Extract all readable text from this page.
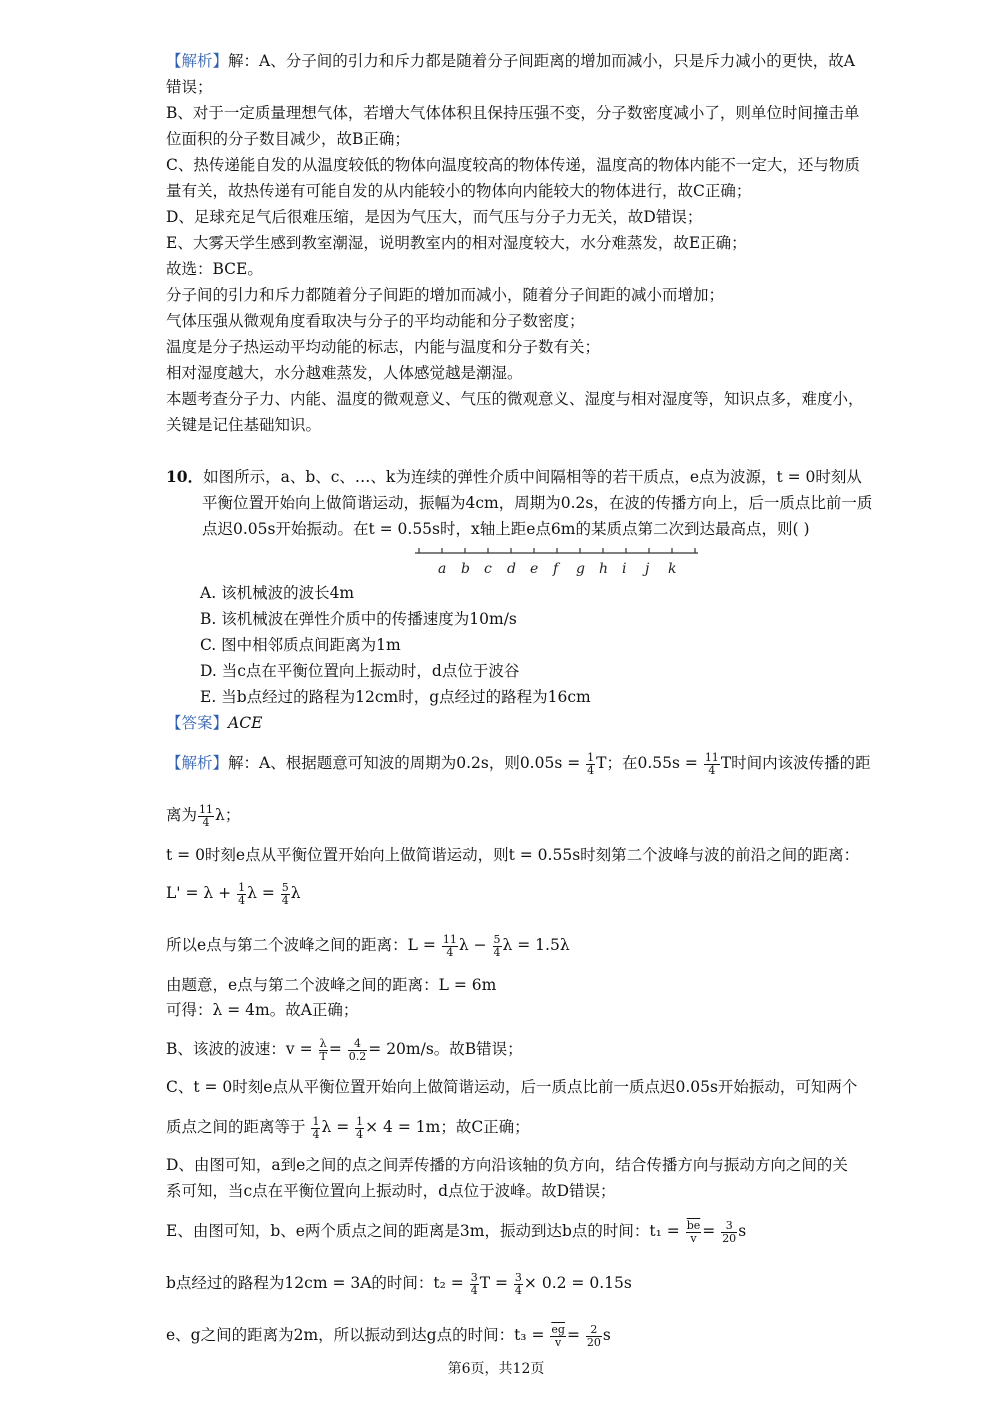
【解析】解：A、分子间的引力和斥力都是随着分子间距离的增加而减小，只是斥力减小的更快，故A
错误；
B、对于一定质量理想气体，若增大气体体积且保持压强不变，分子数密度减小了，则单位时间撞击单
位面积的分子数目减少，故B正确；
C、热传递能自发的从温度较低的物体向温度较高的物体传递，温度高的物体内能不一定大，还与物质
量有关，故热传递有可能自发的从内能较小的物体向内能较大的物体进行，故C正确；
D、足球充足气后很难压缩，是因为气压大，而气压与分子力无关，故D错误；
E、大雾天学生感到教室潮湿，说明教室内的相对湿度较大，水分难蒸发，故E正确；
故选：BCE。
分子间的引力和斥力都随着分子间距的增加而减小，随着分子间距的减小而增加；
气体压强从微观角度看取决与分子的平均动能和分子数密度；
温度是分子热运动平均动能的标志，内能与温度和分子数有关；
相对湿度越大，水分越难蒸发，人体感觉越是潮湿。
本题考查分子力、内能、温度的微观意义、气压的微观意义、湿度与相对湿度等，知识点多，难度小，
关键是记住基础知识。
10．如图所示，a、b、c、…、k为连续的弹性介质中间隔相等的若干质点，e点为波源，t = 0时刻从
平衡位置开始向上做简谐运动，振幅为4cm，周期为0.2s，在波的传播方向上，后一质点比前一质
点迟0.05s开始振动。在t = 0.55s时，x轴上距e点6m的某质点第二次到达最高点，则( )
a b c d e f g h i j k
A. 该机械波的波长4m
B. 该机械波在弹性介质中的传播速度为10m/s
C. 图中相邻质点间距离为1m
D. 当c点在平衡位置向上振动时，d点位于波谷
E. 当b点经过的路程为12cm时，g点经过的路程为16cm
【答案】ACE
【解析】解：A、根据题意可知波的周期为0.2s，则$0.05s = \frac{1}{4}$ T；在$0.55s = \frac{11}{4}$ T时间内该波传播的距
离为 $\frac{11}{4}$ λ；
t = 0时刻e点从平衡位置开始向上做简谐运动，则t = 0.55s时刻第二个波峰与波的前沿之间的距离：
$L' = \lambda + \frac{1}{4}$ $\lambda = \frac{5}{4}$ λ
所以e点与第二个波峰之间的距离：$L = \frac{11}{4}$ $\lambda - \frac{5}{4}$ λ = 1.5λ
由题意，e点与第二个波峰之间的距离：L = 6m
可得：λ = 4m。故A正确；
B、该波的波速：$v = \frac{\lambda}{T} = \frac{4}{0.2} = 20m/s$。故B错误；
C、t = 0时刻e点从平衡位置开始向上做简谐运动，后一质点比前一质点迟0.05s开始振动，可知两个
质点之间的距离等于 $\frac{1}{4}$ $\lambda = \frac{1}{4} \times 4 = 1m$；故C正确；
D、由图可知，a到e之间的点之间弄传播的方向沿该轴的负方向，结合传播方向与振动方向之间的关
系可知，当c点在平衡位置向上振动时，d点位于波峰。故D错误；
E、由图可知，b、e两个质点之间的距离是3m，振动到达b点的时间：$t_1 = \frac{\overline{be}}{v} = \frac{3}{20}$ s
b点经过的路程为12cm = 3A的时间：$t_2 = \frac{3}{4}$ $T = \frac{3}{4} \times 0.2 = 0.15s$
e、g之间的距离为2m，所以振动到达g点的时间：$t_3 = \frac{\overline{eg}}{v} = \frac{2}{20}$ s
第6页，共12页
